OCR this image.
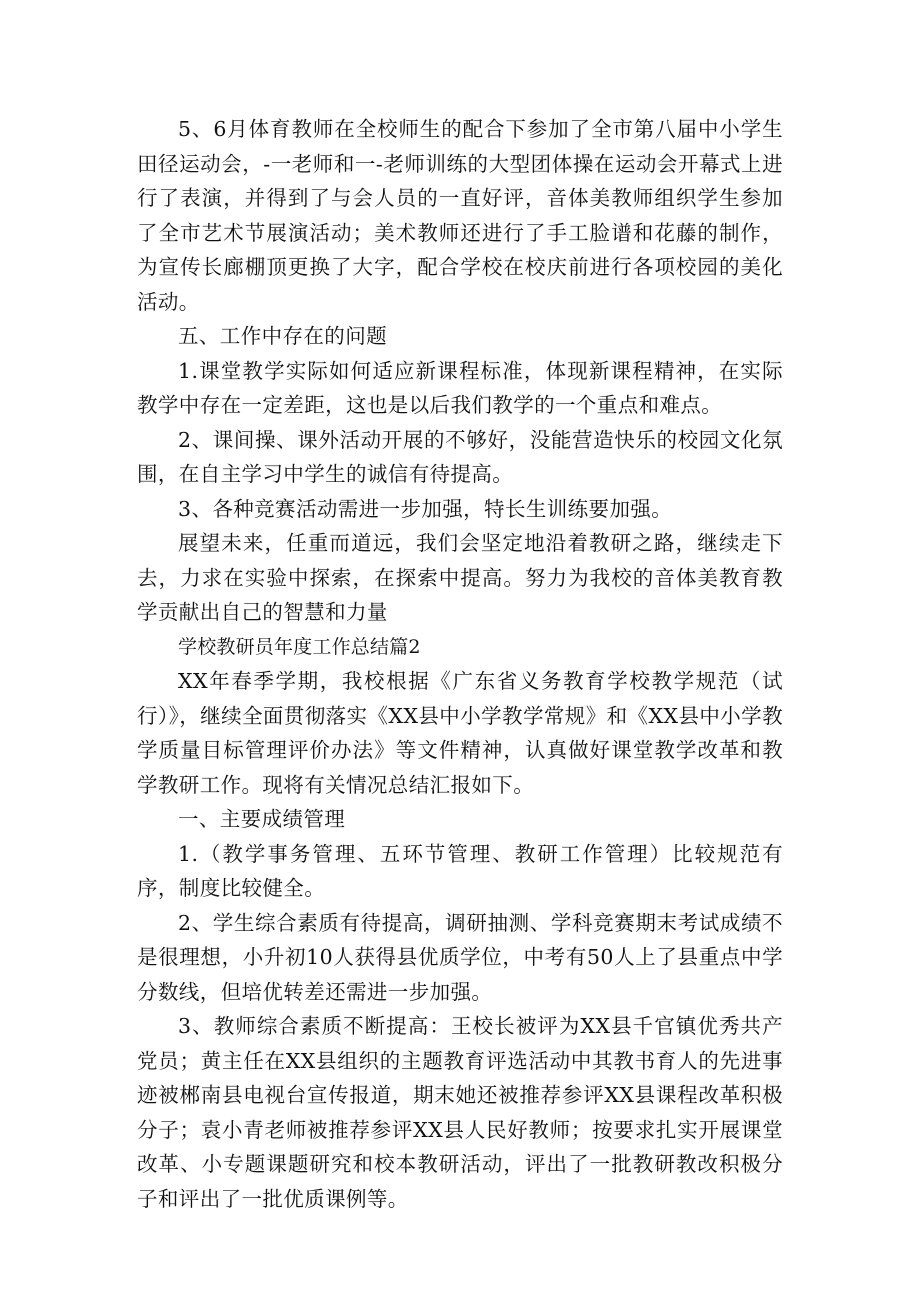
5、6月体育教师在全校师生的配合下参加了全市第八届中小学生田径运动会，-一老师和一-老师训练的大型团体操在运动会开幕式上进行了表演，并得到了与会人员的一直好评，音体美教师组织学生参加了全市艺术节展演活动；美术教师还进行了手工脸谱和花藤的制作，为宣传长廊棚顶更换了大字，配合学校在校庆前进行各项校园的美化活动。

五、工作中存在的问题

1.课堂教学实际如何适应新课程标准，体现新课程精神，在实际教学中存在一定差距，这也是以后我们教学的一个重点和难点。

2、课间操、课外活动开展的不够好，没能营造快乐的校园文化氛围，在自主学习中学生的诚信有待提高。

3、各种竞赛活动需进一步加强，特长生训练要加强。

展望未来，任重而道远，我们会坚定地沿着教研之路，继续走下去，力求在实验中探索，在探索中提高。努力为我校的音体美教育教学贡献出自己的智慧和力量

学校教研员年度工作总结篇2

XX年春季学期，我校根据《广东省义务教育学校教学规范（试行）》，继续全面贯彻落实《XX县中小学教学常规》和《XX县中小学教学质量目标管理评价办法》等文件精神，认真做好课堂教学改革和教学教研工作。现将有关情况总结汇报如下。

一、主要成绩管理

1.（教学事务管理、五环节管理、教研工作管理）比较规范有序，制度比较健全。

2、学生综合素质有待提高，调研抽测、学科竞赛期末考试成绩不是很理想，小升初10人获得县优质学位，中考有50人上了县重点中学分数线，但培优转差还需进一步加强。

3、教师综合素质不断提高：王校长被评为XX县千官镇优秀共产党员；黄主任在XX县组织的主题教育评选活动中其教书育人的先进事迹被郴南县电视台宣传报道，期末她还被推荐参评XX县课程改革积极分子；袁小青老师被推荐参评XX县人民好教师；按要求扎实开展课堂改革、小专题课题研究和校本教研活动，评出了一批教研教改积极分子和评出了一批优质课例等。
